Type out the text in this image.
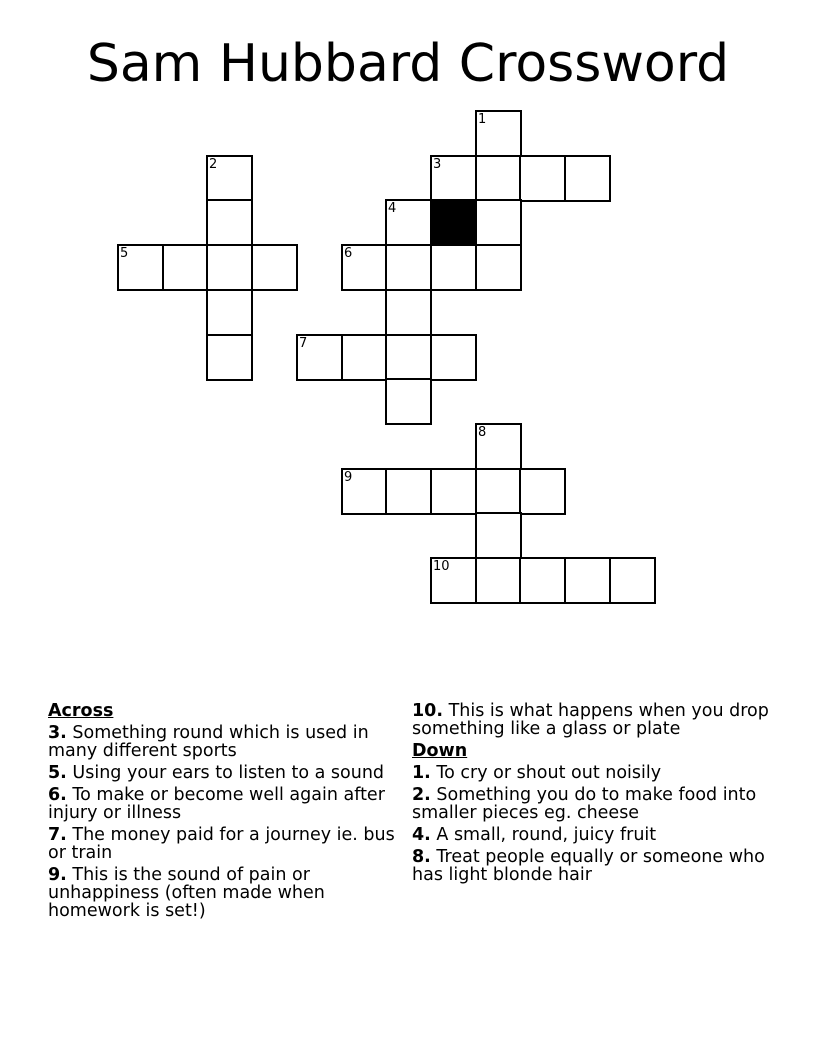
Sam Hubbard Crossword
1
2	3
4
5	6
7
8
9
10
Across
3. Something round which is used in many different sports
5. Using your ears to listen to a sound
6. To make or become well again after injury or illness
7. The money paid for a journey ie. bus or train
9. This is the sound of pain or unhappiness (often made when homework is set!)
10. This is what happens when you drop something like a glass or plate
Down
1. To cry or shout out noisily
2. Something you do to make food into smaller pieces eg. cheese
4. A small, round, juicy fruit
8. Treat people equally or someone who has light blonde hair
